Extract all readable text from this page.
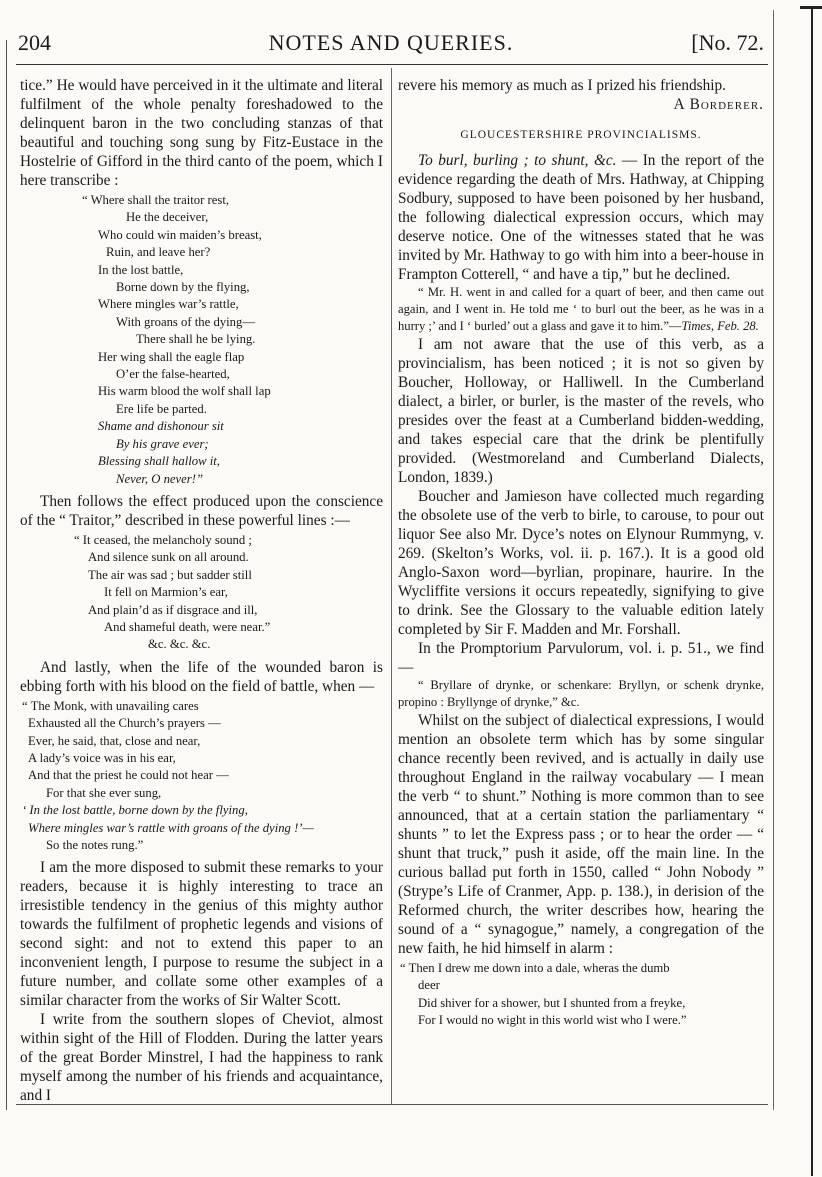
204	NOTES AND QUERIES.	[No. 72.

tice.” He would have perceived in it the ultimate and literal fulfilment of the whole penalty foreshadowed to the delinquent baron in the two concluding stanzas of that beautiful and touching song sung by Fitz-Eustace in the Hostelrie of Gifford in the third canto of the poem, which I here transcribe :

“ Where shall the traitor rest,
He the deceiver,
Who could win maiden’s breast,
Ruin, and leave her?
In the lost battle,
Borne down by the flying,
Where mingles war’s rattle,
With groans of the dying—
There shall he be lying.
Her wing shall the eagle flap
O’er the false-hearted,
His warm blood the wolf shall lap
Ere life be parted.
Shame and dishonour sit
By his grave ever;
Blessing shall hallow it,
Never, O never!”

Then follows the effect produced upon the conscience of the “ Traitor,” described in these powerful lines :—

“ It ceased, the melancholy sound ;
And silence sunk on all around.
The air was sad ; but sadder still
It fell on Marmion’s ear,
And plain’d as if disgrace and ill,
And shameful death, were near.”
&c. &c. &c.

And lastly, when the life of the wounded baron is ebbing forth with his blood on the field of battle, when —

“ The Monk, with unavailing cares
Exhausted all the Church’s prayers —
Ever, he said, that, close and near,
A lady’s voice was in his ear,
And that the priest he could not hear —
For that she ever sung,
‘ In the lost battle, borne down by the flying,
Where mingles war’s rattle with groans of the dying !’—
So the notes rung.”

I am the more disposed to submit these remarks to your readers, because it is highly interesting to trace an irresistible tendency in the genius of this mighty author towards the fulfilment of prophetic legends and visions of second sight: and not to extend this paper to an inconvenient length, I purpose to resume the subject in a future number, and collate some other examples of a similar character from the works of Sir Walter Scott.

I write from the southern slopes of Cheviot, almost within sight of the Hill of Flodden. During the latter years of the great Border Minstrel, I had the happiness to rank myself among the number of his friends and acquaintance, and I

revere his memory as much as I prized his friendship.

A Borderer.
GLOUCESTERSHIRE PROVINCIALISMS.

To burl, burling ; to shunt, &c. — In the report of the evidence regarding the death of Mrs. Hathway, at Chipping Sodbury, supposed to have been poisoned by her husband, the following dialectical expression occurs, which may deserve notice. One of the witnesses stated that he was invited by Mr. Hathway to go with him into a beer-house in Frampton Cotterell, “ and have a tip,” but he declined.

“ Mr. H. went in and called for a quart of beer, and then came out again, and I went in. He told me ‘ to burl out the beer, as he was in a hurry ;’ and I ‘ burled’ out a glass and gave it to him.”—Times, Feb. 28.

I am not aware that the use of this verb, as a provincialism, has been noticed ; it is not so given by Boucher, Holloway, or Halliwell. In the Cumberland dialect, a birler, or burler, is the master of the revels, who presides over the feast at a Cumberland bidden-wedding, and takes especial care that the drink be plentifully provided. (Westmoreland and Cumberland Dialects, London, 1839.)

Boucher and Jamieson have collected much regarding the obsolete use of the verb to birle, to carouse, to pour out liquor See also Mr. Dyce’s notes on Elynour Rummyng, v. 269. (Skelton’s Works, vol. ii. p. 167.). It is a good old Anglo-Saxon word—byrlian, propinare, haurire. In the Wycliffite versions it occurs repeatedly, signifying to give to drink. See the Glossary to the valuable edition lately completed by Sir F. Madden and Mr. Forshall.

In the Promptorium Parvulorum, vol. i. p. 51., we find —

“ Bryllare of drynke, or schenkare: Bryllyn, or schenk drynke, propino : Bryllynge of drynke,” &c.

Whilst on the subject of dialectical expressions, I would mention an obsolete term which has by some singular chance recently been revived, and is actually in daily use throughout England in the railway vocabulary — I mean the verb “ to shunt.” Nothing is more common than to see announced, that at a certain station the parliamentary “ shunts ” to let the Express pass ; or to hear the order — “ shunt that truck,” push it aside, off the main line. In the curious ballad put forth in 1550, called “ John Nobody ” (Strype’s Life of Cranmer, App. p. 138.), in derision of the Reformed church, the writer describes how, hearing the sound of a “ synagogue,” namely, a congregation of the new faith, he hid himself in alarm :

“ Then I drew me down into a dale, wheras the dumb
deer
Did shiver for a shower, but I shunted from a freyke,
For I would no wight in this world wist who I were.”
